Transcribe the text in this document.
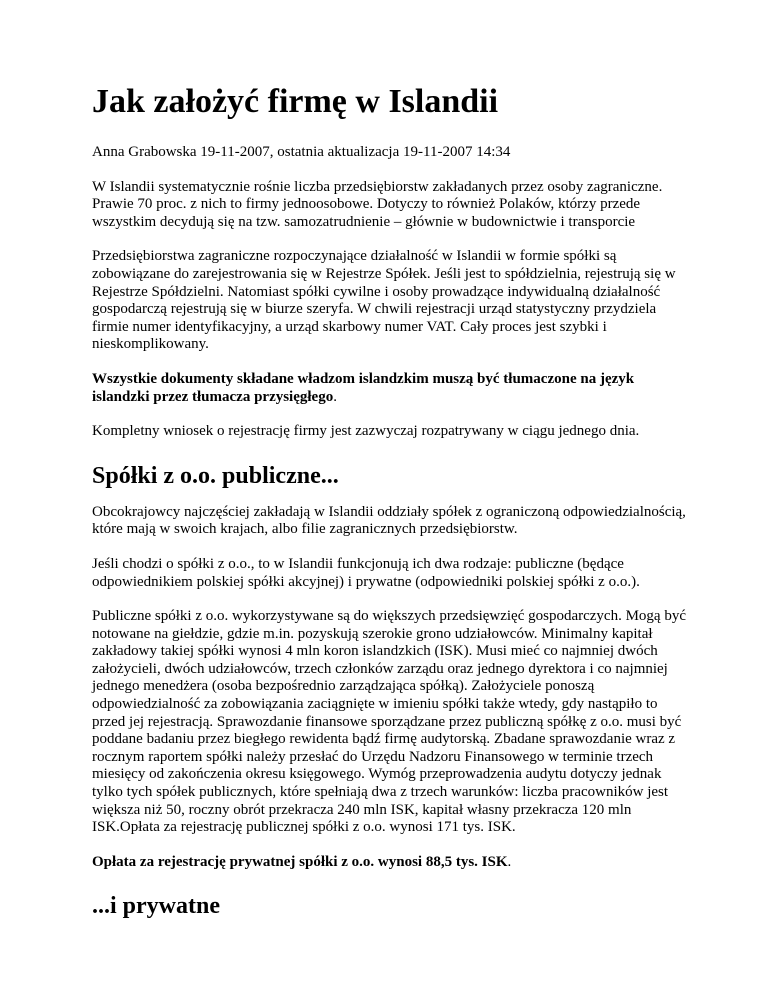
Jak założyć firmę w Islandii

Anna Grabowska 19-11-2007, ostatnia aktualizacja 19-11-2007 14:34

W Islandii systematycznie rośnie liczba przedsiębiorstw zakładanych przez osoby zagraniczne. Prawie 70 proc. z nich to firmy jednoosobowe. Dotyczy to również Polaków, którzy przede wszystkim decydują się na tzw. samozatrudnienie – głównie w budownictwie i transporcie

Przedsiębiorstwa zagraniczne rozpoczynające działalność w Islandii w formie spółki są zobowiązane do zarejestrowania się w Rejestrze Spółek. Jeśli jest to spółdzielnia, rejestrują się w Rejestrze Spółdzielni. Natomiast spółki cywilne i osoby prowadzące indywidualną działalność gospodarczą rejestrują się w biurze szeryfa. W chwili rejestracji urząd statystyczny przydziela firmie numer identyfikacyjny, a urząd skarbowy numer VAT. Cały proces jest szybki i nieskomplikowany.

Wszystkie dokumenty składane władzom islandzkim muszą być tłumaczone na język islandzki przez tłumacza przysięgłego.

Kompletny wniosek o rejestrację firmy jest zazwyczaj rozpatrywany w ciągu jednego dnia.

Spółki z o.o. publiczne...

Obcokrajowcy najczęściej zakładają w Islandii oddziały spółek z ograniczoną odpowiedzialnością, które mają w swoich krajach, albo filie zagranicznych przedsiębiorstw.

Jeśli chodzi o spółki z o.o., to w Islandii funkcjonują ich dwa rodzaje: publiczne (będące odpowiednikiem polskiej spółki akcyjnej) i prywatne (odpowiedniki polskiej spółki z o.o.).

Publiczne spółki z o.o. wykorzystywane są do większych przedsięwzięć gospodarczych. Mogą być notowane na giełdzie, gdzie m.in. pozyskują szerokie grono udziałowców. Minimalny kapitał zakładowy takiej spółki wynosi 4 mln koron islandzkich (ISK). Musi mieć co najmniej dwóch założycieli, dwóch udziałowców, trzech członków zarządu oraz jednego dyrektora i co najmniej jednego menedżera (osoba bezpośrednio zarządzająca spółką). Założyciele ponoszą odpowiedzialność za zobowiązania zaciągnięte w imieniu spółki także wtedy, gdy nastąpiło to przed jej rejestracją. Sprawozdanie finansowe sporządzane przez publiczną spółkę z o.o. musi być poddane badaniu przez biegłego rewidenta bądź firmę audytorską. Zbadane sprawozdanie wraz z rocznym raportem spółki należy przesłać do Urzędu Nadzoru Finansowego w terminie trzech miesięcy od zakończenia okresu księgowego. Wymóg przeprowadzenia audytu dotyczy jednak tylko tych spółek publicznych, które spełniają dwa z trzech warunków: liczba pracowników jest większa niż 50, roczny obrót przekracza 240 mln ISK, kapitał własny przekracza 120 mln ISK.Opłata za rejestrację publicznej spółki z o.o. wynosi 171 tys. ISK.

Opłata za rejestrację prywatnej spółki z o.o. wynosi 88,5 tys. ISK.

...i prywatne
